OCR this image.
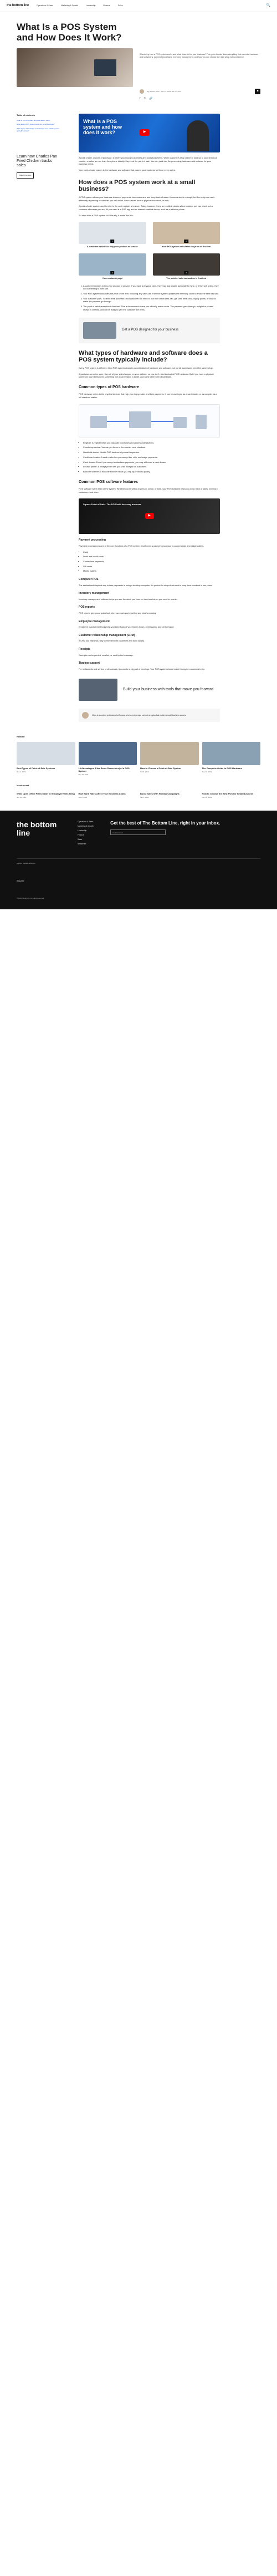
the bottom line	Operations & Sales	Marketing & Growth	Leadership	Finance	Sales	🔍
What Is a POS System and How Does It Work?
Wondering how a POS system works and what it can do for your business? This guide breaks down everything that essential hardware and software is, payment processing, inventory management, and how you can choose the right setup with confidence.
By Square Team · Jan 14, 2024 · 12 min read
f 𝕏 🔗
■
Table of contents

What is a POS system and how does it work?

How does a POS system work at a small business?

What types of hardware and software does a POS system typically include?

Learn how Charles Pan Fried Chicken tracks sales
Watch the video
What is a POS system and how does it work?	▶

A point of sale, or point of purchase, is where you ring up customers and accept payments. When customers shop online or walk up to your checkout counter, or sales are run from their phone directly, they're at the point of sale. You can pack into the processing hardware and software for your business needs.

Your point-of-sale system is the hardware and software that powers your business for those every sales.

How does a POS system work at a small business?

A POS system allows your business to accept payments from customers and keep track of sales. It sounds simple enough, but the setup can work differently depending on whether you sell online, have a store, have a physical storefront, or both.

A point-of-sale system used to refer to the cash register at a store. Today, however, there are multiple places where modern pos can check out a customer whenever you are. All you need is a POS app and an internet-enabled device, such as a tablet or phone.

So what does a POS system do? Usually, it works like this:

1
A customer decides to buy your product or service
2
Your POS system calculates the price of the item
3
Your customer pays
4
The point of sale transaction is finalized
1. A customer decides to buy your product or service. If you have a physical store, they may ask a sales associate for help, or if they sell online, they add something to their cart.
2. Your POS system calculates the price of the item, including any sales tax. Then the system updates the inventory count to show the item has sold.
3. Your customer pays. To finish their purchase, your customer will need to use their credit card, tap, gift card, debit card, loyalty points, or cash to make the payment go through.
4. The point of sale transaction is finalized. This is the moment where you officially make a sale. The payment goes through, a digital or printed receipt is created, and you're ready to give the customer the items.
Get a POS designed for your business
What types of hardware and software does a POS system typically include?

Every POS system is different. Most POS systems include a combination of hardware and software, but not all businesses need the same setup.

If you have an online store, then all of your sales happen on your website, so you don't need dedicated POS hardware. But if you have a physical storefront, you'll likely need something like a card reader, a tablet, and some other form of hardware.

Common types of POS hardware

POS hardware refers to the physical devices that help you ring up sales and take payments. It can be as simple as a card reader, or as complex as a full checkout station.

• Register: A register helps you calculate purchases and process transactions.
• Countertop device: You can pin these to the counter near checkout.
• Handheld device: Mobile POS devices let you sell anywhere.
• Credit card reader: A card reader lets you accept tap, chip, and swipe payments.
• Cash drawer: Even if you accept contactless payments, you may still need a cash drawer.
• Receipt printer: A receipt printer lets you print receipts for customers.
• Barcode scanner: A barcode scanner helps you ring up products quickly.
Common POS software features

POS software is the brain of the system. Whether you're selling in person, online, or both, your POS software helps you keep track of sales, inventory, customers, and more.

Square Point of Sale - The POS built for every business
▶
Payment processing

Payment processing is one of the core functions of a POS system. You'll need a payment processor to accept cards and digital wallets.

• Cash
• Debit and credit cards
• Contactless payments
• Gift cards
• Mobile wallets
Computer POS

The earliest and simplest way to take payments is using a desktop computer. It's perfect for shops that want to keep their checkout in one place.

Inventory management

Inventory management software helps you see the stock you have on hand and when you need to reorder.

POS reports

POS reports give you a quick look into how much you're selling and what's working.

Employee management

Employee management tools help you keep track of your team's hours, permissions, and performance.

Customer relationship management (CRM)

A CRM tool helps you stay connected with customers and build loyalty.

Receipts

Receipts can be printed, emailed, or sent by text message.

Tipping support

For restaurants and service professionals, tips can be a big part of earnings. Your POS system should make it easy for customers to tip.

Build your business with tools that move you forward

Maya is a content professional at Square who loves to create content on topics that matter to small business owners.

Related
Best Types of Point-of-Sale Systems
Dec 4, 2023
10 Advantages (Plus Some Downsides) of a POS System
Nov 22, 2023
How to Choose a Point-of-Sale System
Oct 5, 2023
The Complete Guide to POS Hardware
Sep 18, 2023
Most recent
What Open Office Plans Mean for Employee Well-Being
Jan 10, 2024
How Bank Rates Affect Your Business Loans
Jan 8, 2024
Boost Sales With Holiday Campaigns
Jan 3, 2024
How to Choose the Best POS for Small Business
Dec 28, 2023
the bottom line

Operations & Sales

Marketing & Growth

Leadership

Finance

Sales

Newsletter

Get the best of The Bottom Line, right in your inbox.
Email address
Explore Square Business
Square
© 2024 Block, Inc. All rights reserved.
